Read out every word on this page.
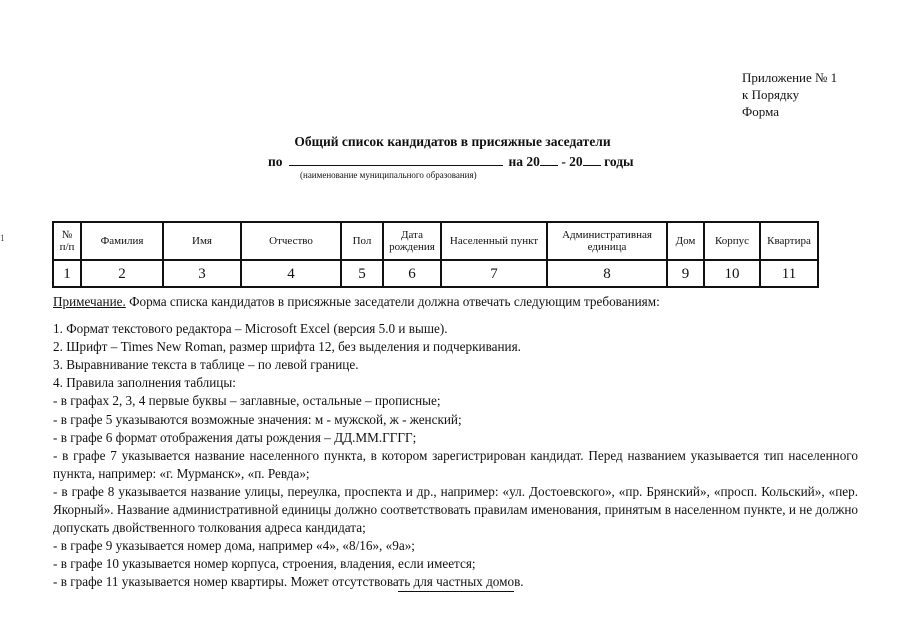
Приложение № 1
к Порядку
Форма
Общий список кандидатов в присяжные заседатели
по	на 20 - 20 годы
(наименование муниципального образования)
1	№ п/п	Фамилия	Имя	Отчество	Пол	Дата рождения	Населенный пункт	Административная единица	Дом	Корпус	Квартира
1	2	3	4	5	6	7	8	9	10	11

Примечание. Форма списка кандидатов в присяжные заседатели должна отвечать следующим требованиям:

1. Формат текстового редактора – Microsoft Excel (версия 5.0 и выше).

2. Шрифт – Times New Roman, размер шрифта 12, без выделения и подчеркивания.

3. Выравнивание текста в таблице – по левой границе.

4. Правила заполнения таблицы:

- в графах 2, 3, 4 первые буквы – заглавные, остальные – прописные;

- в графе 5 указываются возможные значения: м - мужской, ж - женский;

- в графе 6 формат отображения даты рождения – ДД.ММ.ГГГГ;

- в графе 7 указывается название населенного пункта, в котором зарегистрирован кандидат. Перед названием указывается тип населенного пункта, например: «г. Мурманск», «п. Ревда»;

- в графе 8 указывается название улицы, переулка, проспекта и др., например: «ул. Достоевского», «пр. Брянский», «просп. Кольский», «пер. Якорный». Название административной единицы должно соответствовать правилам именования, принятым в населенном пункте, и не должно допускать двойственного толкования адреса кандидата;

- в графе 9 указывается номер дома, например «4», «8/16», «9а»;

- в графе 10 указывается номер корпуса, строения, владения, если имеется;

- в графе 11 указывается номер квартиры. Может отсутствовать для частных домов.
